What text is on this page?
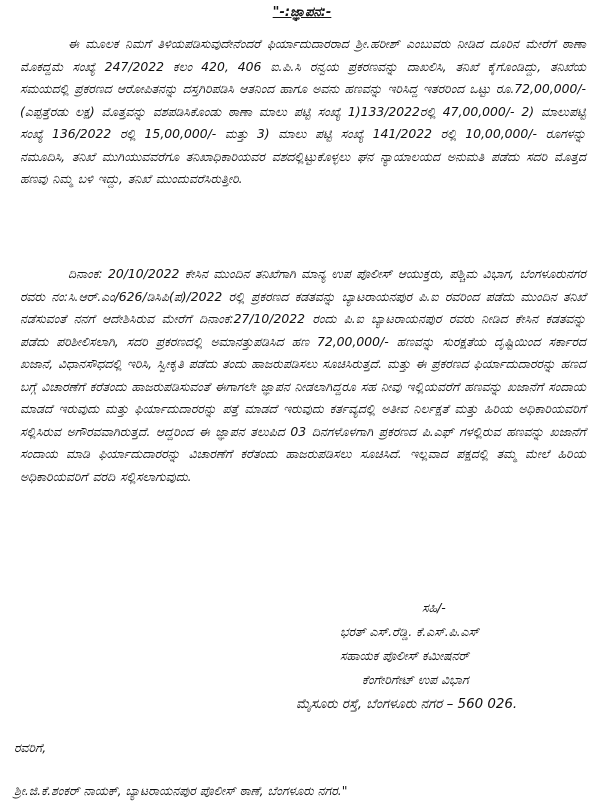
"-:ಜ್ಞಾಪನ:-

ಈ ಮೂಲಕ ನಿಮಗೆ ತಿಳಿಯಪಡಿಸುವುದೇನೆಂದರೆ ಫಿರ್ಯಾದುದಾರರಾದ ಶ್ರೀ.ಹರೀಶ್ ಎಂಬುವರು ನೀಡಿದ ದೂರಿನ ಮೇರೆಗೆ ಠಾಣಾ ಮೊಕದ್ದಮೆ ಸಂಖ್ಯೆ 247/2022 ಕಲಂ 420, 406 ಐ.ಪಿ.ಸಿ ರನ್ವಯ ಪ್ರಕರಣವನ್ನು ದಾಖಲಿಸಿ, ತನಿಖೆ ಕೈಗೊಂಡಿದ್ದು, ತನಿಖೆಯ ಸಮಯದಲ್ಲಿ ಪ್ರಕರಣದ ಆರೋಪಿತನನ್ನು ದಸ್ತಗಿರಿಪಡಿಸಿ ಆತನಿಂದ ಹಾಗೂ ಅವನು ಹಣವನ್ನು ಇರಿಸಿದ್ದ ಇತರರಿಂದ ಒಟ್ಟು ರೂ.72,00,000/- (ಎಪ್ಪತ್ತೆರಡು ಲಕ್ಷ) ಮೊತ್ತವನ್ನು ವಶಪಡಿಸಿಕೊಂಡು ಠಾಣಾ ಮಾಲು ಪಟ್ಟಿ ಸಂಖ್ಯೆ 1)133/2022ರಲ್ಲಿ 47,00,000/- 2) ಮಾಲುಪಟ್ಟಿ ಸಂಖ್ಯೆ 136/2022 ರಲ್ಲಿ 15,00,000/- ಮತ್ತು 3) ಮಾಲು ಪಟ್ಟಿ ಸಂಖ್ಯೆ 141/2022 ರಲ್ಲಿ 10,00,000/- ರೂಗಳನ್ನು ನಮೂದಿಸಿ, ತನಿಖೆ ಮುಗಿಯುವವರೆಗೂ ತನಿಖಾಧಿಕಾರಿಯವರ ವಶದಲ್ಲಿಟ್ಟುಕೊಳ್ಳಲು ಘನ ನ್ಯಾಯಾಲಯದ ಅನುಮತಿ ಪಡೆದು ಸದರಿ ಮೊತ್ತದ ಹಣವು ನಿಮ್ಮ ಬಳಿ ಇದ್ದು, ತನಿಖೆ ಮುಂದುವರೆಸಿರುತ್ತೀರಿ.

ದಿನಾಂಕ: 20/10/2022 ಕೇಸಿನ ಮುಂದಿನ ತನಿಖೆಗಾಗಿ ಮಾನ್ಯ ಉಪ ಪೊಲೀಸ್ ಆಯುಕ್ತರು, ಪಶ್ಚಿಮ ವಿಭಾಗ, ಬೆಂಗಳೂರುನಗರ ರವರು ನಂ:ಸಿ.ಆರ್.ಎಂ/626/ಡಿಸಿಪಿ(ಪ)/2022 ರಲ್ಲಿ ಪ್ರಕರಣದ ಕಡತವನ್ನು ಬ್ಯಾಟರಾಯನಪುರ ಪಿ.ಐ ರವರಿಂದ ಪಡೆದು ಮುಂದಿನ ತನಿಖೆ ನಡೆಸುವಂತೆ ನನಗೆ ಆದೇಶಿಸಿರುವ ಮೇರೆಗೆ ದಿನಾಂಕ:27/10/2022 ರಂದು ಪಿ.ಐ ಬ್ಯಾಟರಾಯನಪುರ ರವರು ನೀಡಿದ ಕೇಸಿನ ಕಡತವನ್ನು ಪಡೆದು ಪರಿಶೀಲಿಸಲಾಗಿ, ಸದರಿ ಪ್ರಕರಣದಲ್ಲಿ ಅಮಾನತ್ತುಪಡಿಸಿದ ಹಣ 72,00,000/- ಹಣವನ್ನು ಸುರಕ್ಷತೆಯ ದೃಷ್ಟಿಯಿಂದ ಸರ್ಕಾರದ ಖಜಾನೆ, ವಿಧಾನಸೌಧದಲ್ಲಿ ಇರಿಸಿ, ಸ್ವೀಕೃತಿ ಪಡೆದು ತಂದು ಹಾಜರುಪಡಿಸಲು ಸೂಚಿಸಿರುತ್ತದೆ. ಮತ್ತು ಈ ಪ್ರಕರಣದ ಫಿರ್ಯಾದುದಾರರನ್ನು ಹಣದ ಬಗ್ಗೆ ವಿಚಾರಣೆಗೆ ಕರೆತಂದು ಹಾಜರುಪಡಿಸುವಂತೆ ಈಗಾಗಲೇ ಜ್ಞಾಪನ ನೀಡಲಾಗಿದ್ದರೂ ಸಹ ನೀವು ಇಲ್ಲಿಯವರೆಗೆ ಹಣವನ್ನು ಖಜಾನೆಗೆ ಸಂದಾಯ ಮಾಡದೆ ಇರುವುದು ಮತ್ತು ಫಿರ್ಯಾದುದಾರರನ್ನು ಪತ್ತೆ ಮಾಡದೆ ಇರುವುದು ಕರ್ತವ್ಯದಲ್ಲಿ ಅತೀವ ನಿರ್ಲಕ್ಷತೆ ಮತ್ತು ಹಿರಿಯ ಅಧಿಕಾರಿಯವರಿಗೆ ಸಲ್ಲಿಸಿರುವ ಅಗೌರವವಾಗಿರುತ್ತದೆ. ಆದ್ದರಿಂದ ಈ ಜ್ಞಾಪನ ತಲುಪಿದ 03 ದಿನಗಳೊಳಗಾಗಿ ಪ್ರಕರಣದ ಪಿ.ಎಫ್ ಗಳಲ್ಲಿರುವ ಹಣವನ್ನು ಖಜಾನೆಗೆ ಸಂದಾಯ ಮಾಡಿ ಫಿರ್ಯಾದುದಾರರನ್ನು ವಿಚಾರಣೆಗೆ ಕರೆತಂದು ಹಾಜರುಪಡಿಸಲು ಸೂಚಿಸಿದೆ. ಇಲ್ಲವಾದ ಪಕ್ಷದಲ್ಲಿ ತಮ್ಮ ಮೇಲೆ ಹಿರಿಯ ಅಧಿಕಾರಿಯವರಿಗೆ ವರದಿ ಸಲ್ಲಿಸಲಾಗುವುದು.

ಸಹಿ/-

ಭರತ್ ಎಸ್.ರೆಡ್ಡಿ. ಕೆ.ಎಸ್.ಪಿ.ಎಸ್

ಸಹಾಯಕ ಪೊಲೀಸ್ ಕಮೀಷನರ್

ಕೆಂಗೇರಿಗೇಟ್ ಉಪ ವಿಭಾಗ

ಮೈಸೂರು ರಸ್ತೆ, ಬೆಂಗಳೂರು ನಗರ – 560 026.

ರವರಿಗೆ,

ಶ್ರೀ.ಜಿ.ಕೆ.ಶಂಕರ್ ನಾಯಕ್, ಬ್ಯಾಟರಾಯನಪುರ ಪೊಲೀಸ್ ಠಾಣೆ, ಬೆಂಗಳೂರು ನಗರ."
